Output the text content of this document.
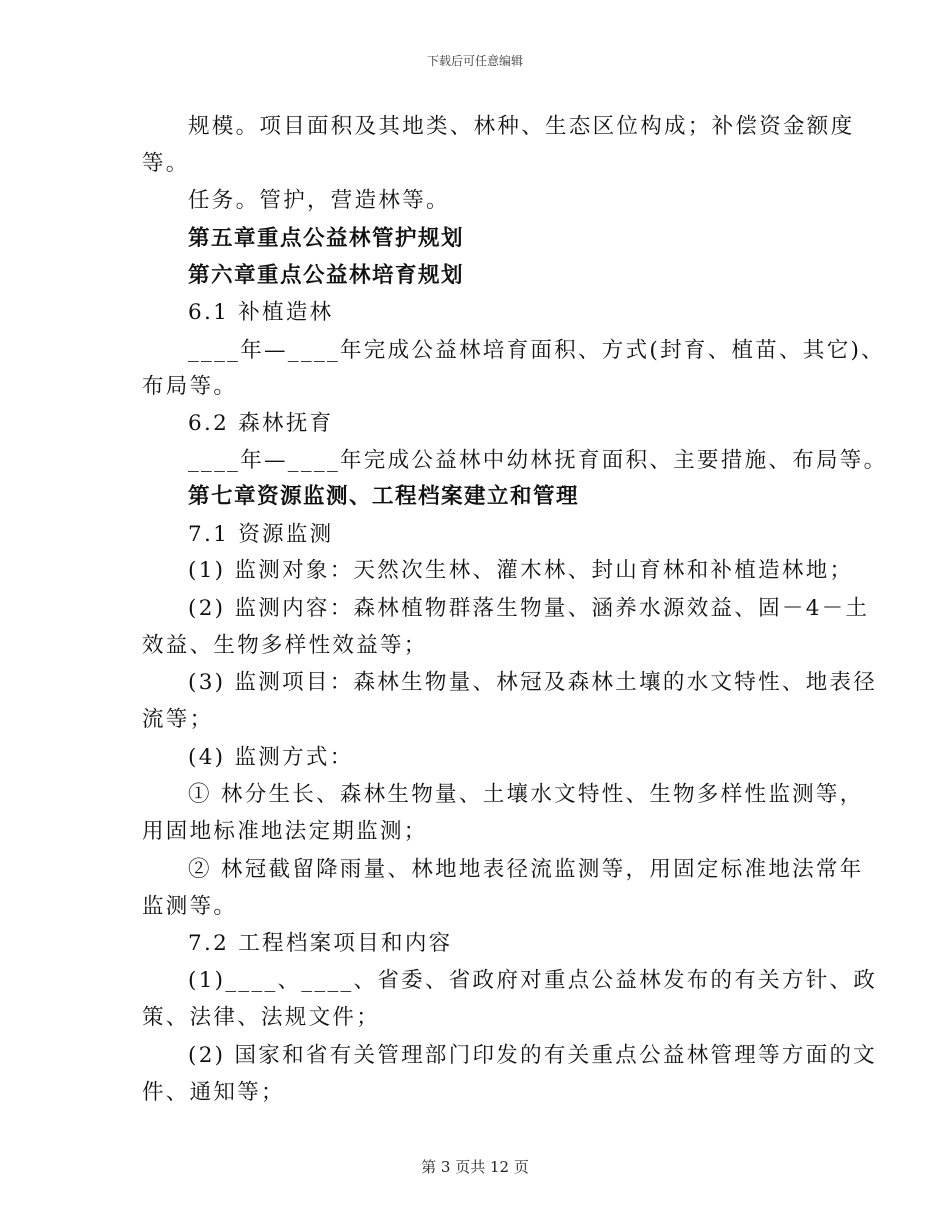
下载后可任意编辑
规模。项目面积及其地类、林种、生态区位构成；补偿资金额度
等。
任务。管护，营造林等。
第五章重点公益林管护规划
第六章重点公益林培育规划
6.1 补植造林
____年—____年完成公益林培育面积、方式(封育、植苗、其它)、
布局等。
6.2 森林抚育
____年—____年完成公益林中幼林抚育面积、主要措施、布局等。
第七章资源监测、工程档案建立和管理
7.1 资源监测
(1) 监测对象：天然次生林、灌木林、封山育林和补植造林地；
(2) 监测内容：森林植物群落生物量、涵养水源效益、固－4－土
效益、生物多样性效益等；
(3) 监测项目：森林生物量、林冠及森林土壤的水文特性、地表径
流等；
(4) 监测方式：
① 林分生长、森林生物量、土壤水文特性、生物多样性监测等，
用固地标准地法定期监测；
② 林冠截留降雨量、林地地表径流监测等，用固定标准地法常年
监测等。
7.2 工程档案项目和内容
(1)____、____、省委、省政府对重点公益林发布的有关方针、政
策、法律、法规文件；
(2) 国家和省有关管理部门印发的有关重点公益林管理等方面的文
件、通知等；
第 3 页共 12 页
